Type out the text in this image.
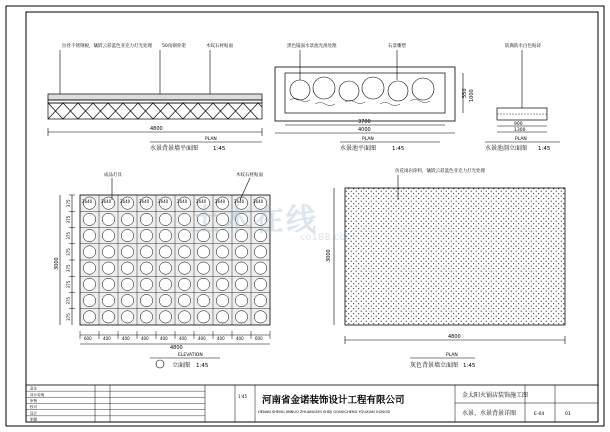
拉丝不锈钢板，镶嵌云彩蓝色亚克力灯光处理 50角钢骨架	木纹石材贴面
4800
PLAN
水景背景墙平面图	1:45
黑色镜面水景池光滑处理	石景雕塑
3700
4000
550 1000
PLAN
水景池平面图	1:45
防腐防水白色贴砖
900
1300
PLAN
水景池剖立面图 1:45
成品灯具	木纹石材贴面
2640 2640 2640 2640 2640 2640 2640 2640 2640 2640
375
375
375
375
375
375
375
375
3000
600	400	400	400	400	400	400	400	400	600
4800
ELEVATION
立面图 1:45
仿花岗岩涂料，镶嵌云彩蓝色亚克力灯光处理
3000
4800
PLAN
灰色背景墙立面图 1:45
备注
设计说明
审核
校对
设计
制图
河南省金诺装饰设计工程有限公司
HENAN SHENG JINNUO ZHUANGSHI SHEJI GONGCHENG YOUXIAN GONGSI
金太阳火锅店装饰施工图
水景、水景背景详图	E-04	01
1:45
土木在线
co188.com
